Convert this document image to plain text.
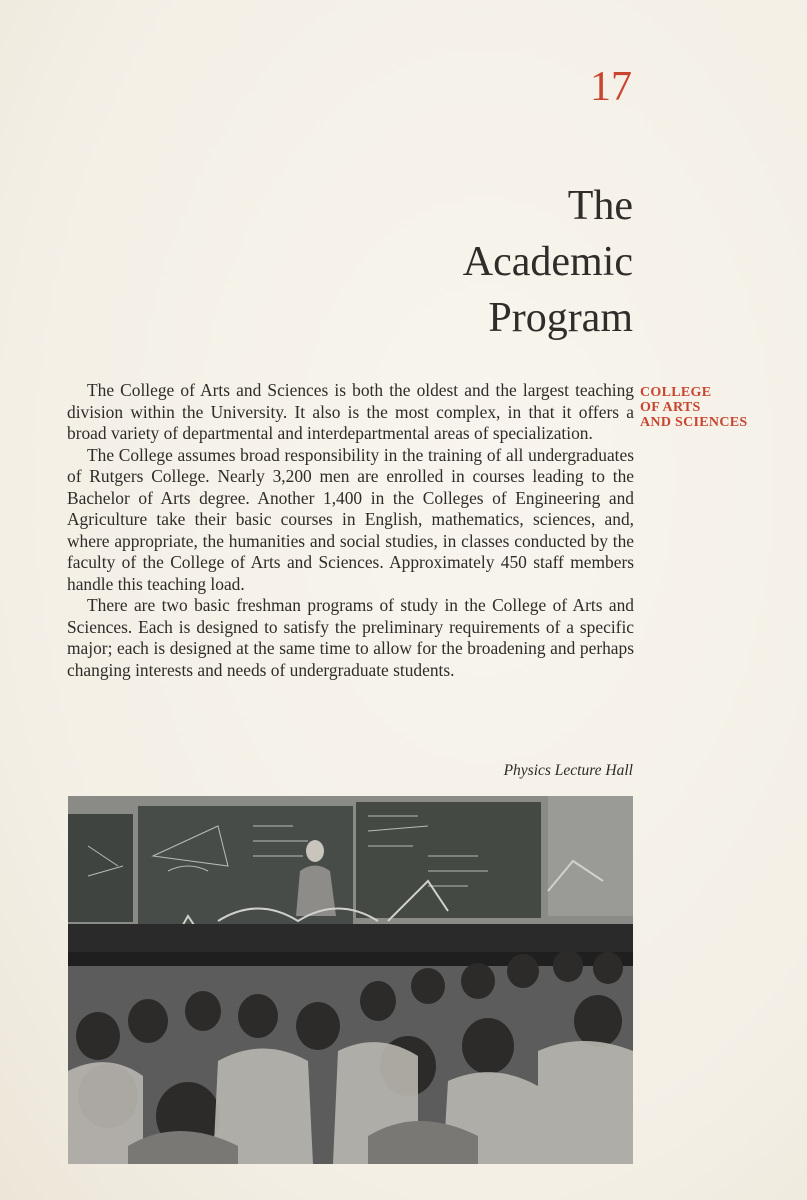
17
The
Academic
Program

The College of Arts and Sciences is both the oldest and the largest teaching division within the University. It also is the most complex, in that it offers a broad variety of departmental and interdepartmental areas of specialization.

The College assumes broad responsibility in the training of all undergraduates of Rutgers College. Nearly 3,200 men are enrolled in courses leading to the Bachelor of Arts degree. Another 1,400 in the Colleges of Engineering and Agriculture take their basic courses in English, mathematics, sciences, and, where appropriate, the humanities and social studies, in classes conducted by the faculty of the College of Arts and Sciences. Approximately 450 staff members handle this teaching load.

There are two basic freshman programs of study in the College of Arts and Sciences. Each is designed to satisfy the preliminary requirements of a specific major; each is designed at the same time to allow for the broadening and perhaps changing interests and needs of undergraduate students.

COLLEGE
OF ARTS
AND SCIENCES
Physics Lecture Hall
